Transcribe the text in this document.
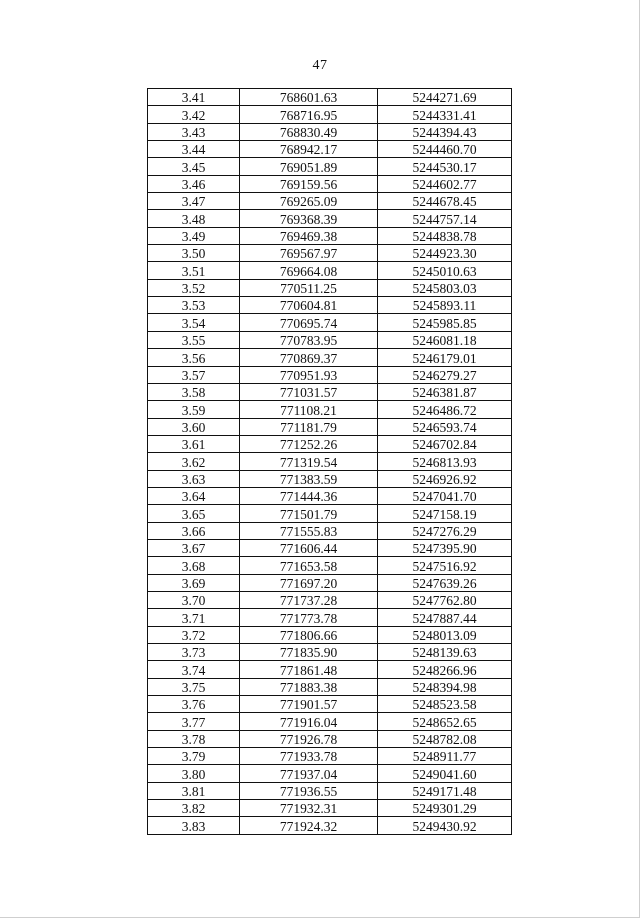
47
3.41	768601.63	5244271.69
3.42	768716.95	5244331.41
3.43	768830.49	5244394.43
3.44	768942.17	5244460.70
3.45	769051.89	5244530.17
3.46	769159.56	5244602.77
3.47	769265.09	5244678.45
3.48	769368.39	5244757.14
3.49	769469.38	5244838.78
3.50	769567.97	5244923.30
3.51	769664.08	5245010.63
3.52	770511.25	5245803.03
3.53	770604.81	5245893.11
3.54	770695.74	5245985.85
3.55	770783.95	5246081.18
3.56	770869.37	5246179.01
3.57	770951.93	5246279.27
3.58	771031.57	5246381.87
3.59	771108.21	5246486.72
3.60	771181.79	5246593.74
3.61	771252.26	5246702.84
3.62	771319.54	5246813.93
3.63	771383.59	5246926.92
3.64	771444.36	5247041.70
3.65	771501.79	5247158.19
3.66	771555.83	5247276.29
3.67	771606.44	5247395.90
3.68	771653.58	5247516.92
3.69	771697.20	5247639.26
3.70	771737.28	5247762.80
3.71	771773.78	5247887.44
3.72	771806.66	5248013.09
3.73	771835.90	5248139.63
3.74	771861.48	5248266.96
3.75	771883.38	5248394.98
3.76	771901.57	5248523.58
3.77	771916.04	5248652.65
3.78	771926.78	5248782.08
3.79	771933.78	5248911.77
3.80	771937.04	5249041.60
3.81	771936.55	5249171.48
3.82	771932.31	5249301.29
3.83	771924.32	5249430.92
